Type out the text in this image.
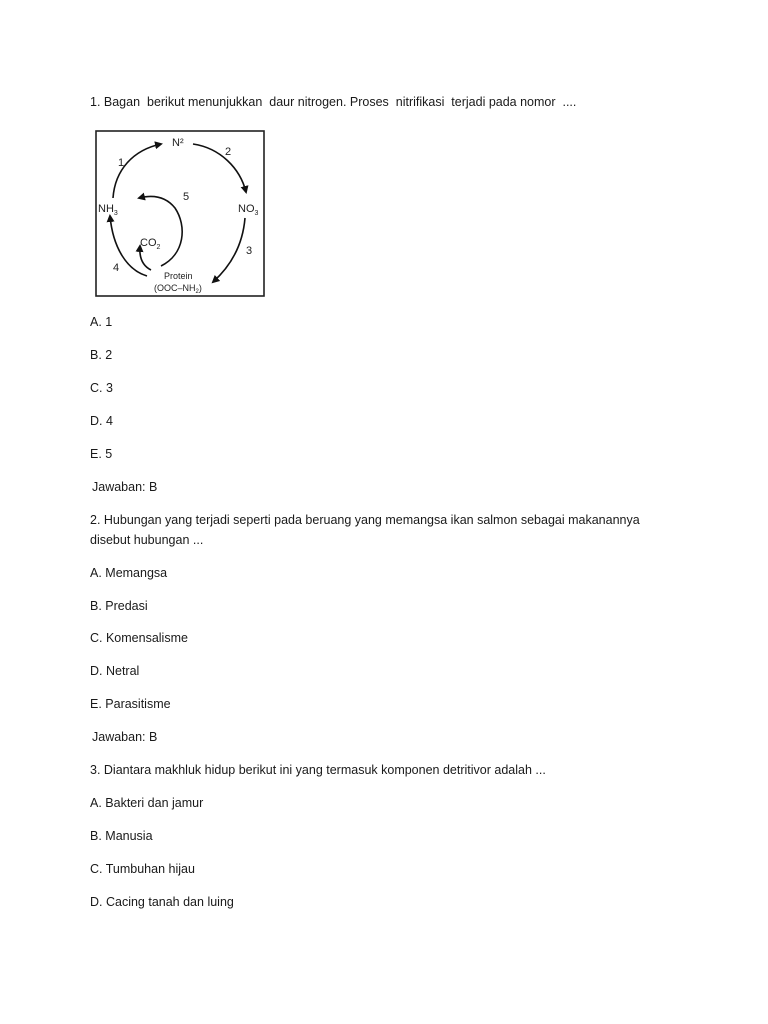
1. Bagan  berikut menunjukkan  daur nitrogen. Proses  nitrifikasi  terjadi pada nomor  ....
N²
$NO_3$
$NH_3$
$CO_2$
Protein
$(OOC-NH_2)$
1
2
3
4
5
A. 1
B. 2
C. 3
D. 4
E. 5
Jawaban: B
2. Hubungan yang terjadi seperti pada beruang yang memangsa ikan salmon sebagai makanannya
disebut hubungan ...
A. Memangsa
B. Predasi
C. Komensalisme
D. Netral
E. Parasitisme
Jawaban: B
3. Diantara makhluk hidup berikut ini yang termasuk komponen detritivor adalah ...
A. Bakteri dan jamur
B. Manusia
C. Tumbuhan hijau
D. Cacing tanah dan luing
